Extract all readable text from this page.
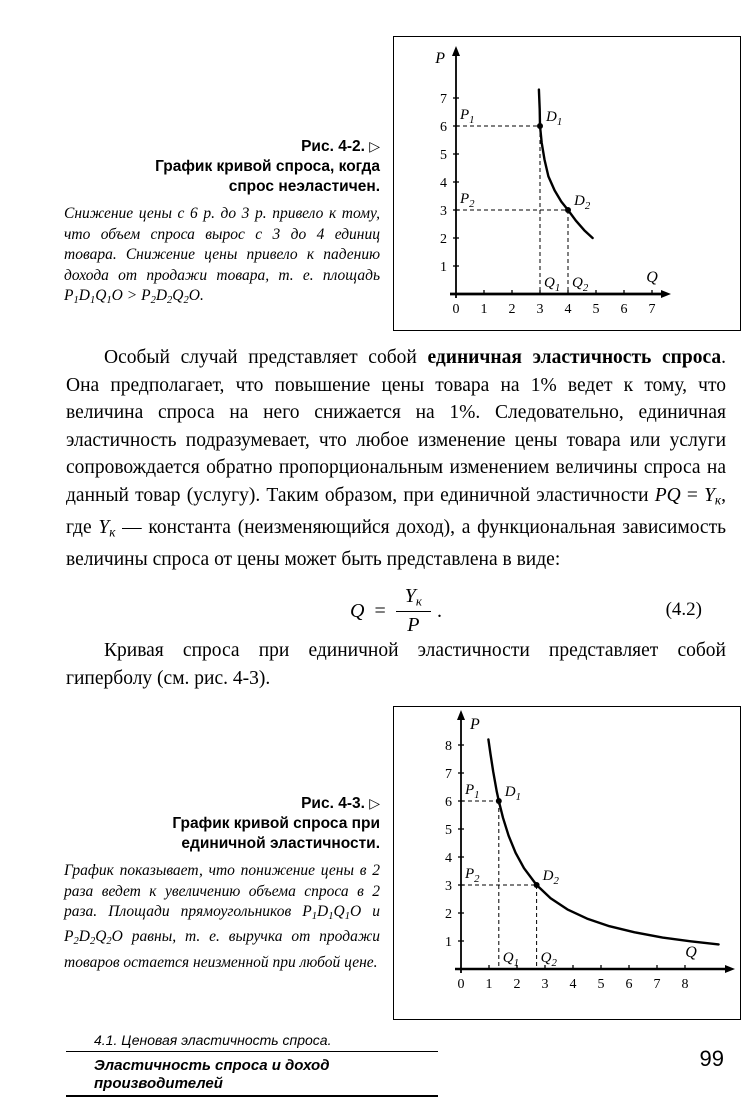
0 1 2 3 4 5 6 7
1
2
3
4
5
6
7
P
Q
$D_1$
$P_1$
$Q_1$
$D_2$
$P_2$
$Q_2$
Рис. 4-2. ▷
График кривой спроса, когда спрос неэластичен.
Снижение цены с 6 р. до 3 р. привело к тому, что объем спроса вырос с 3 до 4 единиц товара. Снижение цены привело к падению дохода от продажи товара, т. е. площадь P1D1Q1O > P2D2Q2O.

Особый случай представляет собой единичная эластичность спроса. Она предполагает, что повышение цены товара на 1% ведет к тому, что величина спроса на него снижается на 1%. Следовательно, единичная эластичность подразумевает, что любое изменение цены товара или услуги сопровождается обратно пропорциональным изменением величины спроса на данный товар (услугу). Таким образом, при единичной эластичности PQ = Yк, где Yк — константа (неизменяющийся доход), а функциональная зависимость величины спроса от цены может быть представлена в виде:

$Q = \frac{Yк}{P}$ .	(4.2)

Кривая спроса при единичной эластичности представляет собой гиперболу (см. рис. 4-3).

0 1 2 3 4 5 6 7 8
1
2
3
4
5
6
7
8
P
Q
$D_1$
$P_1$
$Q_1$
$D_2$
$P_2$
$Q_2$
Рис. 4-3. ▷
График кривой спроса при единичной эластичности.
График показывает, что понижение цены в 2 раза ведет к увеличению объема спроса в 2 раза. Площади прямоугольников P1D1Q1O и P2D2Q2O равны, т. е. выручка от продажи товаров остается неизменной при любой цене.
4.1. Ценовая эластичность спроса.
Эластичность спроса и доход производителей
99
